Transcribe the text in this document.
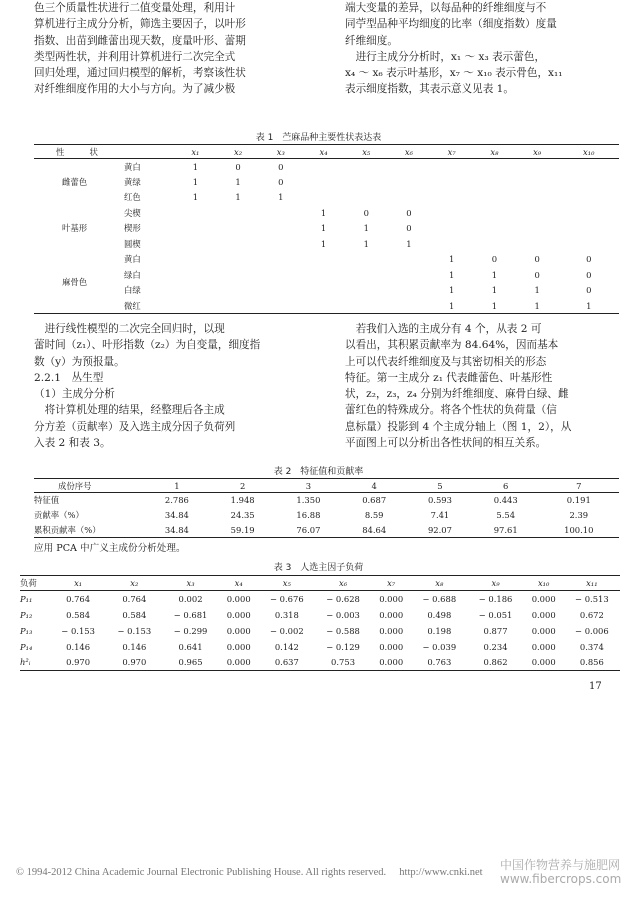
色三个质量性状进行二值变量处理，利用计
算机进行主成分分析，筛选主要因子，以叶形
指数、出苗到雌蕾出现天数，度量叶形、蕾期
类型两性状，并利用计算机进行二次完全式
回归处理，通过回归模型的解析，考察该性状
对纤维细度作用的大小与方向。为了减少极
端大变量的差异，以每品种的纤维细度与不
同苧型品种平均细度的比率（细度指数）度量
纤维细度。
　进行主成分分析时，x₁ ～ x₃ 表示蕾色，
x₄ ～ x₆ 表示叶基形，x₇ ～ x₁₀ 表示骨色，x₁₁
表示细度指数，其表示意义见表 1。
表 1　苎麻品种主要性状表达表
性　　　状		x₁	x₂	x₃	x₄	x₅	x₆	x₇	x₈	x₉	x₁₀
雌蕾色	黄白	1	0	0							
	黄绿	1	1	0							
	红色	1	1	1							
叶基形	尖楔				1	0	0				
	楔形				1	1	0				
	圆楔				1	1	1				
麻骨色	黄白							1	0	0	0
	绿白							1	1	0	0
	白绿							1	1	1	0
	微红							1	1	1	1
　进行线性模型的二次完全回归时，以现
蕾时间（z₁）、叶形指数（z₂）为自变量，细度指
数（y）为预报量。
2.2.1　丛生型
（1）主成分分析
　将计算机处理的结果，经整理后各主成
分方差（贡献率）及入选主成分因子负荷列
入表 2 和表 3。
　若我们入选的主成分有 4 个，从表 2 可
以看出，其积累贡献率为 84.64%，因而基本
上可以代表纤维细度及与其密切相关的形态
特征。第一主成分 z₁ 代表雌蕾色、叶基形性
状，z₂，z₃，z₄ 分别为纤维细度、麻骨白绿、雌
蕾红色的特殊成分。将各个性状的负荷量（信
息标量）投影到 4 个主成分轴上（图 1，2），从
平面图上可以分析出各性状间的相互关系。
表 2　特征值和贡献率
成份序号	1	2	3	4	5	6	7
特征值	2.786	1.948	1.350	0.687	0.593	0.443	0.191
贡献率（%）	34.84	24.35	16.88	8.59	7.41	5.54	2.39
累积贡献率（%）	34.84	59.19	76.07	84.64	92.07	97.61	100.10
应用 PCA 中广义主成份分析处理。
表 3　人选主因子负荷
负荷	x₁	x₂	x₃	x₄	x₅	x₆	x₇	x₈	x₉	x₁₀	x₁₁
P₁₁	0.764	0.764	0.002	0.000	− 0.676	− 0.628	0.000	− 0.688	− 0.186	0.000	− 0.513
P₁₂	0.584	0.584	− 0.681	0.000	0.318	− 0.003	0.000	0.498	− 0.051	0.000	0.672
P₁₃	− 0.153	− 0.153	− 0.299	0.000	− 0.002	− 0.588	0.000	0.198	0.877	0.000	− 0.006
P₁₄	0.146	0.146	0.641	0.000	0.142	− 0.129	0.000	− 0.039	0.234	0.000	0.374
h²ᵢ	0.970	0.970	0.965	0.000	0.637	0.753	0.000	0.763	0.862	0.000	0.856
17
© 1994-2012 China Academic Journal Electronic Publishing House. All rights reserved.　 http://www.cnki.net
中国作物营养与施肥网
www.fibercrops.com
